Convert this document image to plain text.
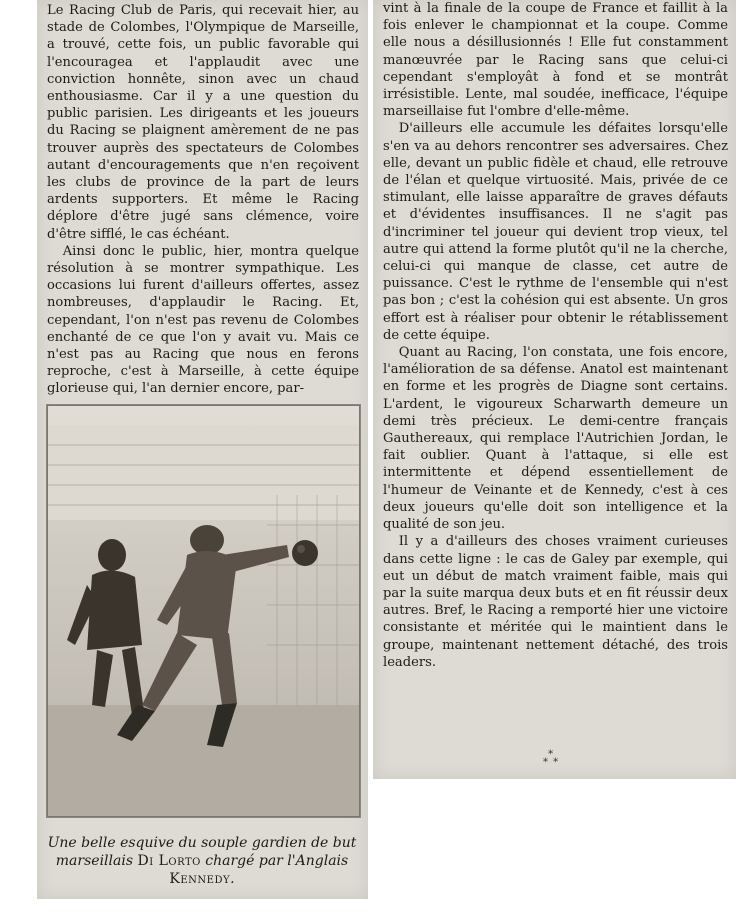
Le Racing Club de Paris, qui recevait hier, au stade de Colombes, l'Olympique de Marseille, a trouvé, cette fois, un public favorable qui l'encouragea et l'applaudit avec une conviction honnête, sinon avec un chaud enthousiasme. Car il y a une question du public parisien. Les dirigeants et les joueurs du Racing se plaignent amèrement de ne pas trouver auprès des spectateurs de Colombes autant d'encouragements que n'en reçoivent les clubs de province de la part de leurs ardents supporters. Et même le Racing déplore d'être jugé sans clémence, voire d'être sifflé, le cas échéant.

Ainsi donc le public, hier, montra quelque résolution à se montrer sympathique. Les occasions lui furent d'ailleurs offertes, assez nombreuses, d'applaudir le Racing. Et, cependant, l'on n'est pas revenu de Colombes enchanté de ce que l'on y avait vu. Mais ce n'est pas au Racing que nous en ferons reproche, c'est à Marseille, à cette équipe glorieuse qui, l'an dernier encore, par-

Une belle esquive du souple gardien de but marseillais Di Lorto chargé par l'Anglais Kennedy.

vint à la finale de la coupe de France et faillit à la fois enlever le championnat et la coupe. Comme elle nous a désillusionnés ! Elle fut constamment manœuvrée par le Racing sans que celui-ci cependant s'employât à fond et se montrât irrésistible. Lente, mal soudée, inefficace, l'équipe marseillaise fut l'ombre d'elle-même.

D'ailleurs elle accumule les défaites lorsqu'elle s'en va au dehors rencontrer ses adversaires. Chez elle, devant un public fidèle et chaud, elle retrouve de l'élan et quelque virtuosité. Mais, privée de ce stimulant, elle laisse apparaître de graves défauts et d'évidentes insuffisances. Il ne s'agit pas d'incriminer tel joueur qui devient trop vieux, tel autre qui attend la forme plutôt qu'il ne la cherche, celui-ci qui manque de classe, cet autre de puissance. C'est le rythme de l'ensemble qui n'est pas bon ; c'est la cohésion qui est absente. Un gros effort est à réaliser pour obtenir le rétablissement de cette équipe.

Quant au Racing, l'on constata, une fois encore, l'amélioration de sa défense. Anatol est maintenant en forme et les progrès de Diagne sont certains. L'ardent, le vigoureux Scharwarth demeure un demi très précieux. Le demi-centre français Gauthereaux, qui remplace l'Autrichien Jordan, le fait oublier. Quant à l'attaque, si elle est intermittente et dépend essentiellement de l'humeur de Veinante et de Kennedy, c'est à ces deux joueurs qu'elle doit son intelligence et la qualité de son jeu.

Il y a d'ailleurs des choses vraiment curieuses dans cette ligne : le cas de Galey par exemple, qui eut un début de match vraiment faible, mais qui par la suite marqua deux buts et en fit réussir deux autres. Bref, le Racing a remporté hier une victoire consistante et méritée qui le maintient dans le groupe, maintenant nettement détaché, des trois leaders.

*
* *
